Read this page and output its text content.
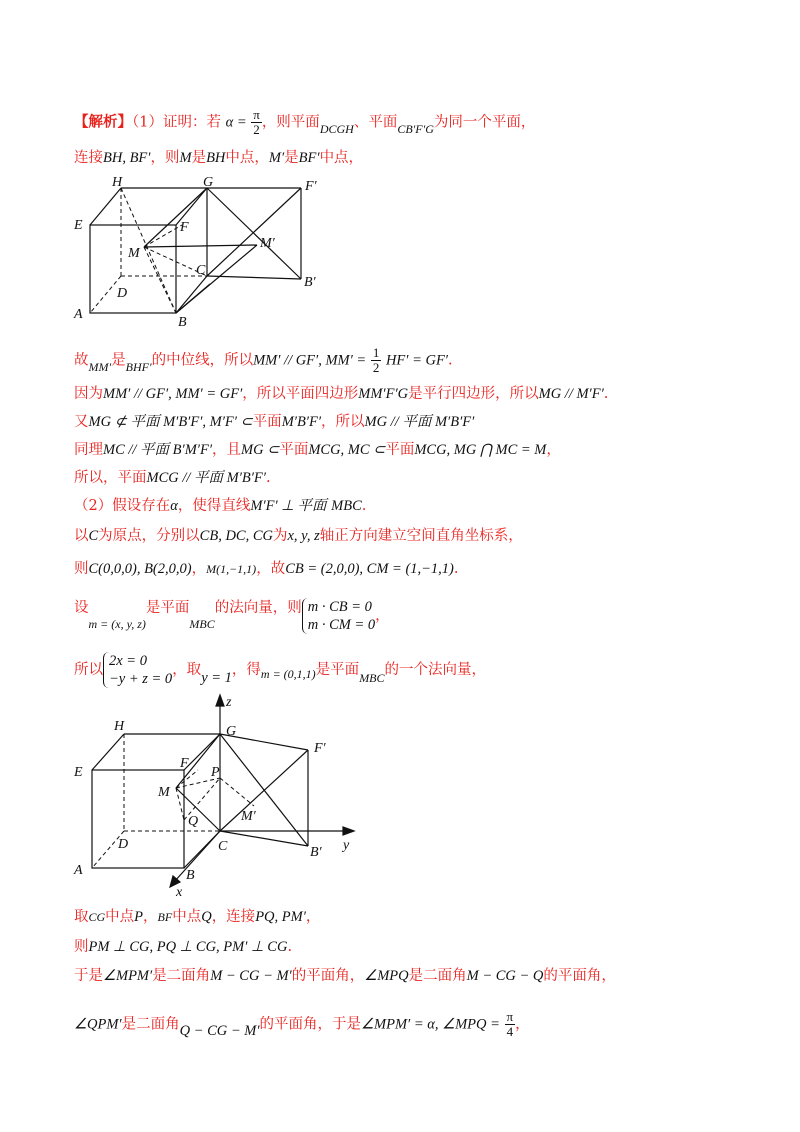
【解析】（1）证明：若 $\alpha = \frac{\pi}{2}$ ，则平面$_{DCGH}$、平面$_{CB'F'G}$为同一个平面，
连接BH, BF′，则M是BH中点，M′是BF′中点，
H	G	F′
E	F
M
M′
C
D
B′
A
B
故$_{MM'}$是$_{BHF'}$的中位线，所以MM′ // GF′, $MM' = \frac{1}{2} HF' = GF'$.
因为MM′ // GF′, MM′ = GF′，所以平面四边形MM′F′G是平行四边形，所以MG // M′F′.
又MG ⊄ 平面 M′B′F′, M′F′ ⊂平面M′B′F′，所以MG // 平面 M′B′F′
同理MC // 平面 B′M′F′，且MG ⊂平面MCG, MC ⊂平面MCG, MG ⋂ MC = M，
所以，平面MCG // 平面 M′B′F′.
（2）假设存在α，使得直线M′F′ ⊥ 平面 MBC.
以C为原点，分别以CB, DC, CG为x, y, z轴正方向建立空间直角坐标系，
则C(0,0,0), B(2,0,0)，M(1,−1,1)，故CB = (2,0,0), CM = (1,−1,1).
设$_{m = (x, y, z)}$是平面$_{MBC}$的法向量，则 m · CB = 0
m · CM = 0
，
所以
2x = 0
−y + z = 0
，取y = 1，得$_{m = (0,1,1)}$是平面$_{MBC}$的一个法向量，
z
H	G
F′
E
F
P
M
Q	M′
D	C	y
B′
A	B
x
取CG中点P，BF中点Q，连接PQ, PM′，
则PM ⊥ CG, PQ ⊥ CG, PM′ ⊥ CG.
于是∠MPM′是二面角M − CG − M′的平面角，∠MPQ是二面角M − CG − Q的平面角，
∠QPM′是二面角Q − CG − M′的平面角，于是∠MPM′ = α, ∠MPQ = $\frac{\pi}{4}$ ，
